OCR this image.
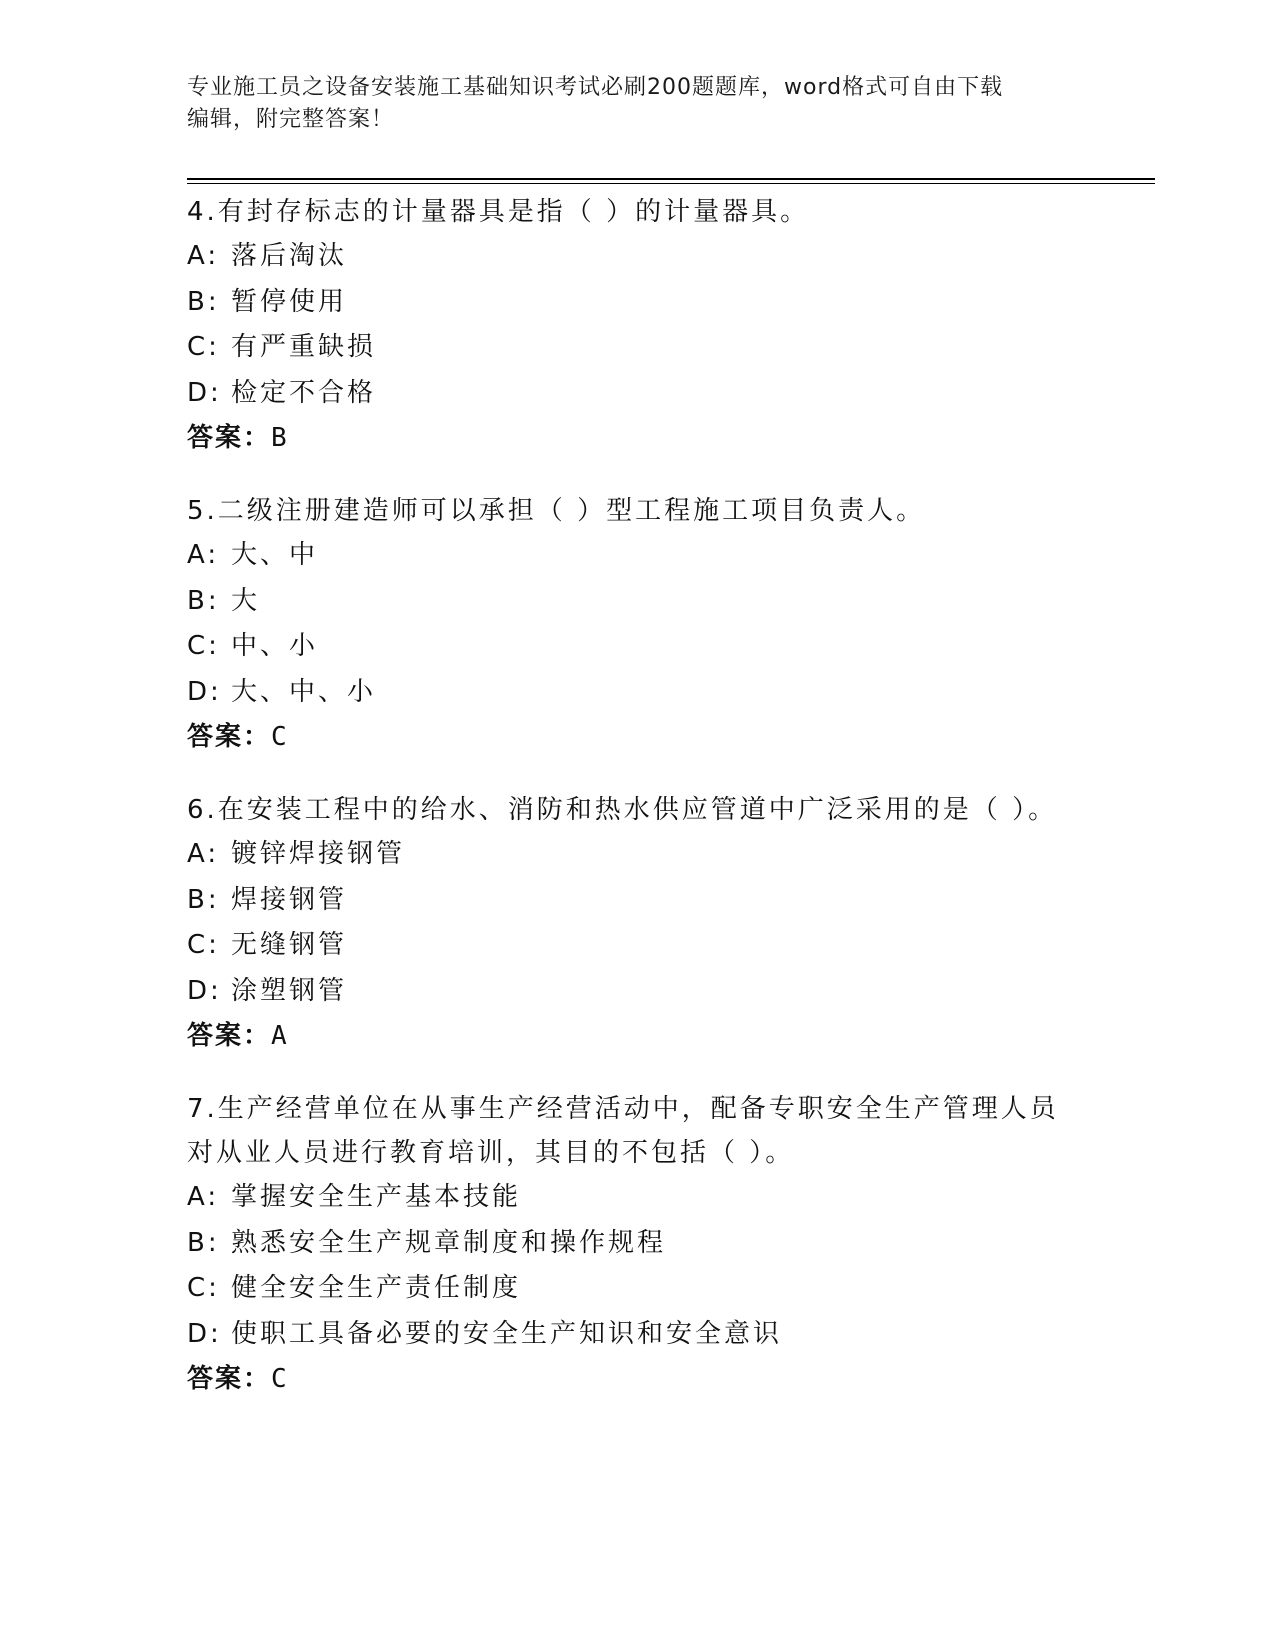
专业施工员之设备安装施工基础知识考试必刷200题题库，word格式可自由下载
编辑，附完整答案！
4.有封存标志的计量器具是指（ ）的计量器具。
A: 落后淘汰
B: 暂停使用
C: 有严重缺损
D: 检定不合格
答案：B
5.二级注册建造师可以承担（ ）型工程施工项目负责人。
A: 大、中
B: 大
C: 中、小
D: 大、中、小
答案：C
6.在安装工程中的给水、消防和热水供应管道中广泛采用的是（ ）。
A: 镀锌焊接钢管
B: 焊接钢管
C: 无缝钢管
D: 涂塑钢管
答案：A
7.生产经营单位在从事生产经营活动中，配备专职安全生产管理人员对从业人员进行教育培训，其目的不包括（ ）。
A: 掌握安全生产基本技能
B: 熟悉安全生产规章制度和操作规程
C: 健全安全生产责任制度
D: 使职工具备必要的安全生产知识和安全意识
答案：C
